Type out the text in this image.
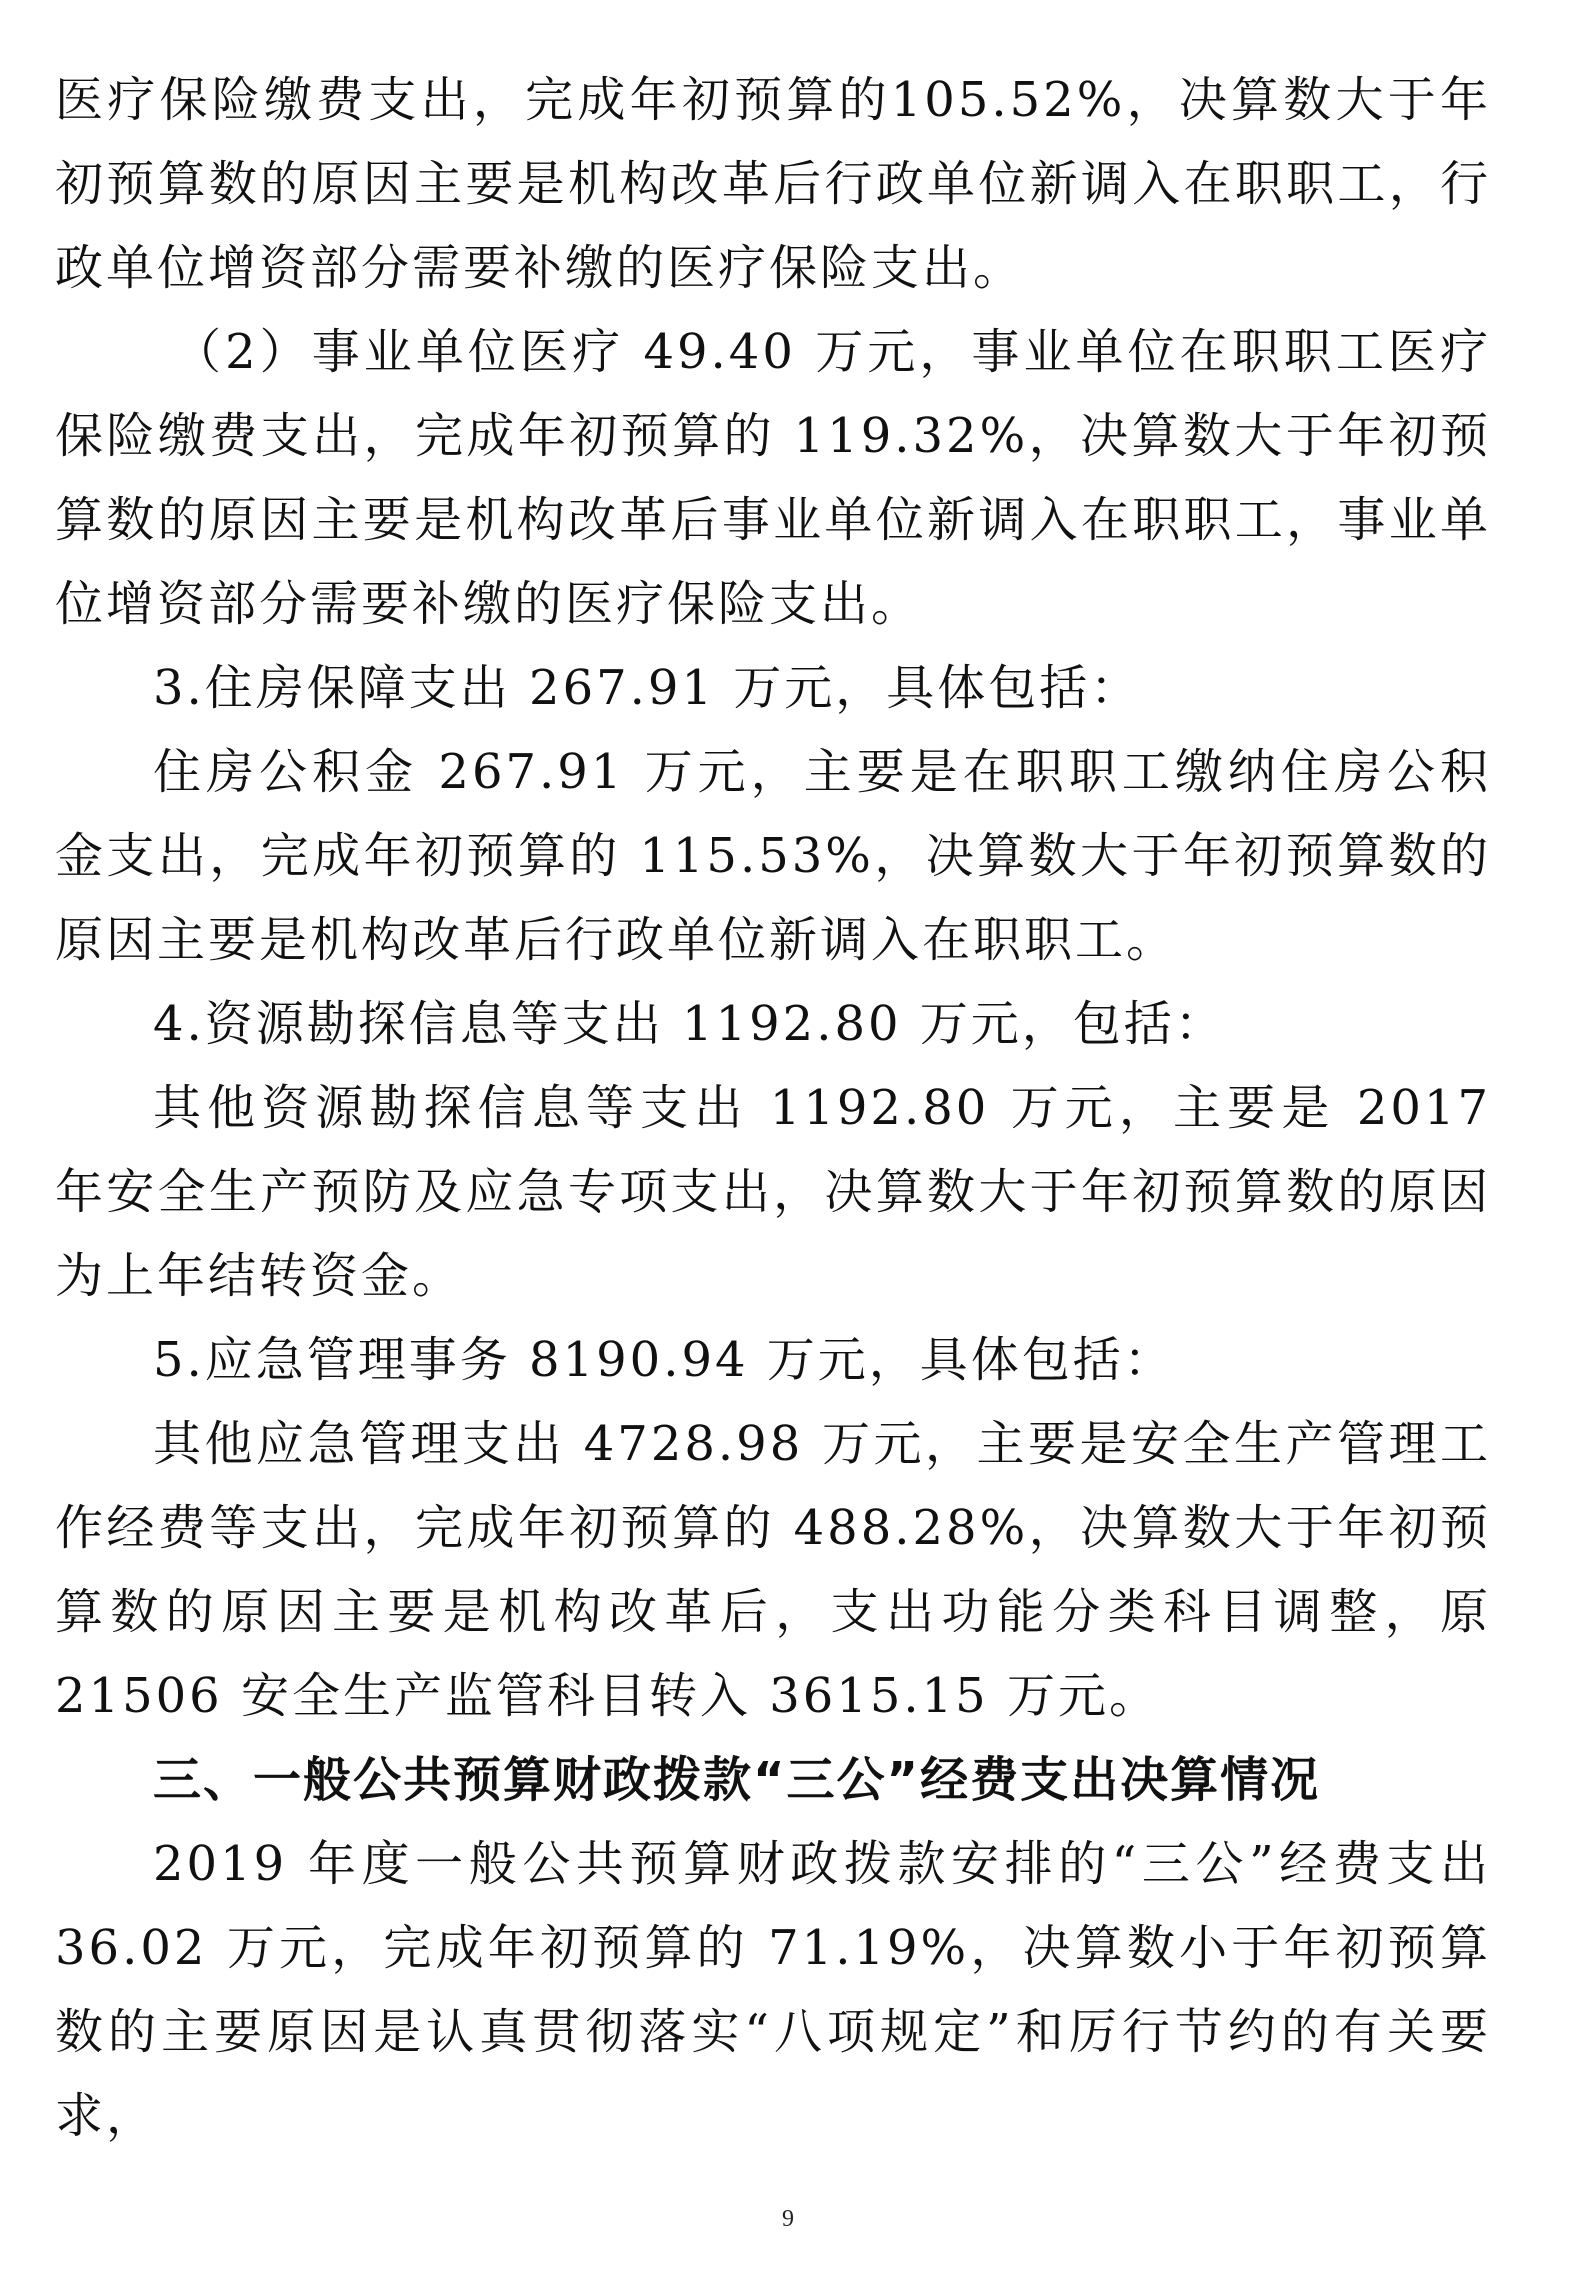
医疗保险缴费支出，完成年初预算的105.52%，决算数大于年初预算数的原因主要是机构改革后行政单位新调入在职职工，行政单位增资部分需要补缴的医疗保险支出。

（2）事业单位医疗 49.40 万元，事业单位在职职工医疗保险缴费支出，完成年初预算的 119.32%，决算数大于年初预算数的原因主要是机构改革后事业单位新调入在职职工，事业单位增资部分需要补缴的医疗保险支出。

3.住房保障支出 267.91 万元，具体包括：

住房公积金 267.91 万元，主要是在职职工缴纳住房公积金支出，完成年初预算的 115.53%，决算数大于年初预算数的原因主要是机构改革后行政单位新调入在职职工。

4.资源勘探信息等支出 1192.80 万元，包括：

其他资源勘探信息等支出 1192.80 万元，主要是 2017 年安全生产预防及应急专项支出，决算数大于年初预算数的原因为上年结转资金。

5.应急管理事务 8190.94 万元，具体包括：

其他应急管理支出 4728.98 万元，主要是安全生产管理工作经费等支出，完成年初预算的 488.28%，决算数大于年初预算数的原因主要是机构改革后，支出功能分类科目调整，原 21506 安全生产监管科目转入 3615.15 万元。

三、一般公共预算财政拨款“三公”经费支出决算情况

2019 年度一般公共预算财政拨款安排的“三公”经费支出36.02 万元，完成年初预算的 71.19%，决算数小于年初预算数的主要原因是认真贯彻落实“八项规定”和厉行节约的有关要求，

9
